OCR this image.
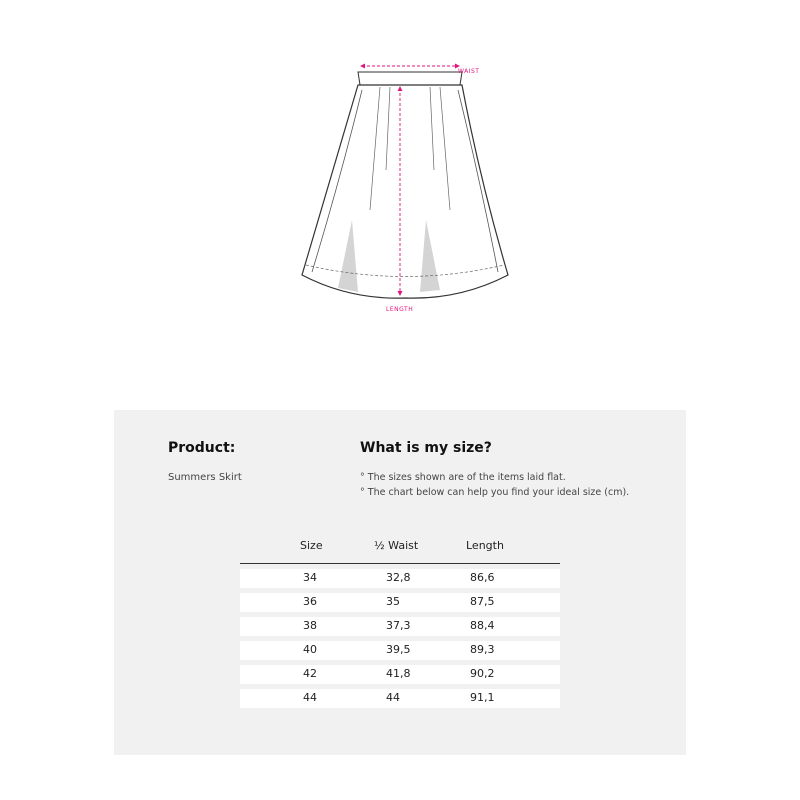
WAIST
LENGTH
Product:
Summers Skirt
What is my size?
° The sizes shown are of the items laid flat.
° The chart below can help you find your ideal size (cm).
Size	½ Waist	Length
34	32,8	86,6
36	35	87,5
38	37,3	88,4
40	39,5	89,3
42	41,8	90,2
44	44	91,1
